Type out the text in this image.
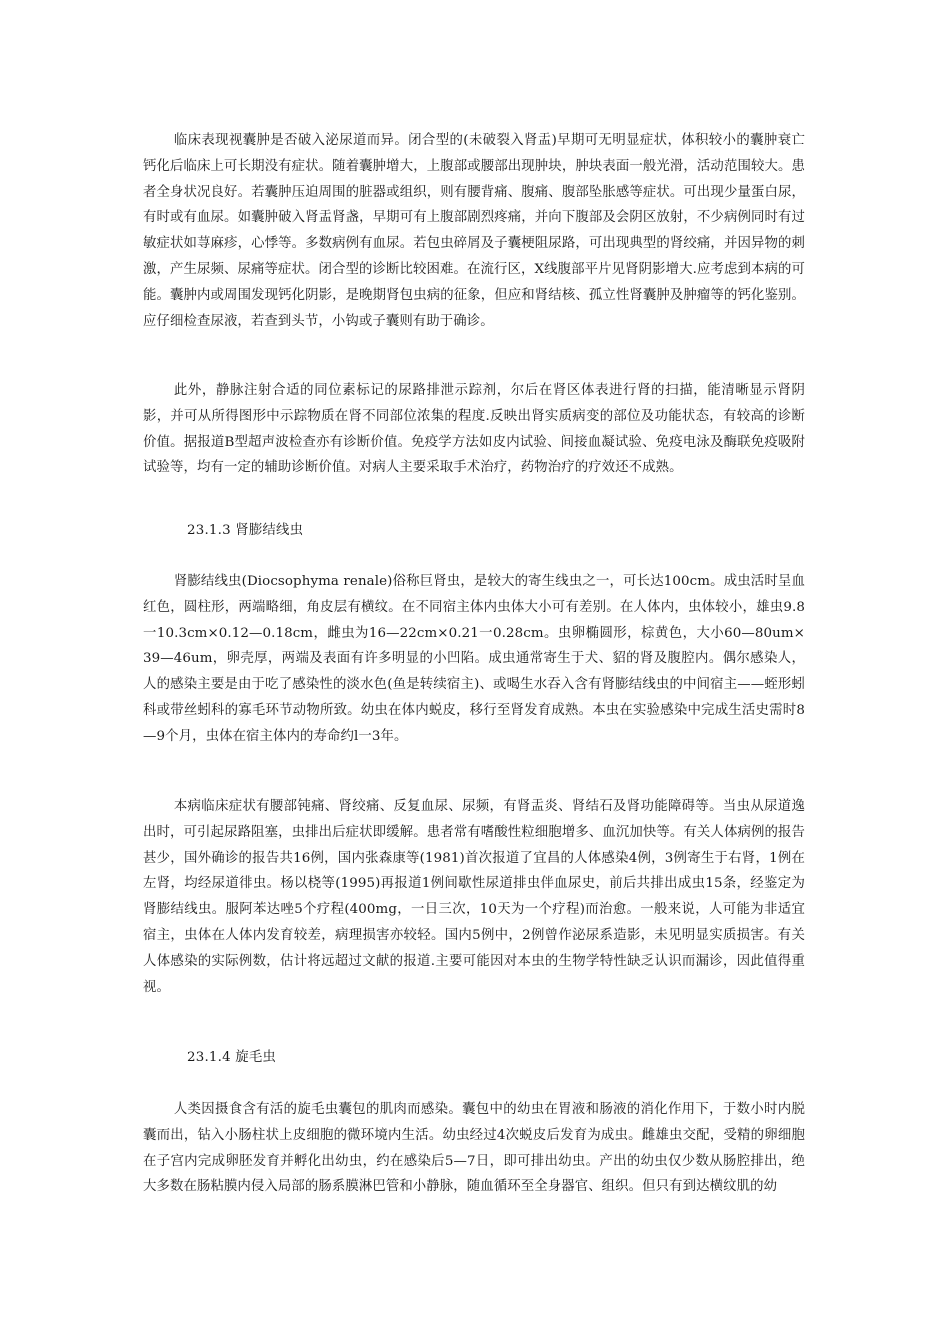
临床表现视囊肿是否破入泌尿道而异。闭合型的(未破裂入肾盂)早期可无明显症状，体积较小的囊肿衰亡钙化后临床上可长期没有症状。随着囊肿增大，上腹部或腰部出现肿块，肿块表面一般光滑，活动范围较大。患者全身状况良好。若囊肿压迫周围的脏器或组织，则有腰背痛、腹痛、腹部坠胀感等症状。可出现少量蛋白尿，有时或有血尿。如囊肿破入肾盂肾盏，早期可有上腹部剧烈疼痛，并向下腹部及会阴区放射，不少病例同时有过敏症状如荨麻疹，心悸等。多数病例有血尿。若包虫碎屑及子囊梗阻尿路，可出现典型的肾绞痛，并因异物的刺激，产生尿频、尿痛等症状。闭合型的诊断比较困难。在流行区，X线腹部平片见肾阴影增大.应考虑到本病的可能。囊肿内或周围发现钙化阴影，是晚期肾包虫病的征象，但应和肾结核、孤立性肾囊肿及肿瘤等的钙化鉴别。应仔细检查尿液，若查到头节，小钩或子囊则有助于确诊。

此外，静脉注射合适的同位素标记的尿路排泄示踪剂，尔后在肾区体表进行肾的扫描，能清晰显示肾阴影，并可从所得图形中示踪物质在肾不同部位浓集的程度.反映出肾实质病变的部位及功能状态，有较高的诊断价值。据报道B型超声波检查亦有诊断价值。免疫学方法如皮内试验、间接血凝试验、免疫电泳及酶联免疫吸附试验等，均有一定的辅助诊断价值。对病人主要采取手术治疗，药物治疗的疗效还不成熟。

23.1.3 肾膨结线虫

肾膨结线虫(Diocsophyma renale)俗称巨肾虫，是较大的寄生线虫之一，可长达100cm。成虫活时呈血红色，圆柱形，两端略细，角皮层有横纹。在不同宿主体内虫体大小可有差别。在人体内，虫体较小，雄虫9.8一10.3cm×0.12—0.18cm，雌虫为16—22cm×0.21一0.28cm。虫卵椭圆形，棕黄色，大小60—80um× 39—46um，卵壳厚，两端及表面有许多明显的小凹陷。成虫通常寄生于犬、貂的肾及腹腔内。偶尔感染人，人的感染主要是由于吃了感染性的淡水色(鱼是转续宿主)、或喝生水吞入含有肾膨结线虫的中间宿主——蛭形蚓科或带丝蚓科的寡毛环节动物所致。幼虫在体内蜕皮，移行至肾发育成熟。本虫在实验感染中完成生活史需时8—9个月，虫体在宿主体内的寿命约l一3年。

本病临床症状有腰部钝痛、肾绞痛、反复血尿、尿频，有肾盂炎、肾结石及肾功能障碍等。当虫从尿道逸出时，可引起尿路阻塞，虫排出后症状即缓解。患者常有嗜酸性粒细胞增多、血沉加快等。有关人体病例的报告甚少，国外确诊的报告共16例，国内张森康等(1981)首次报道了宜昌的人体感染4例，3例寄生于右肾，1例在左肾，均经尿道徘虫。杨以桡等(1995)再报道1例间歇性尿道排虫伴血尿史，前后共排出成虫15条，经鉴定为肾膨结线虫。服阿苯达唑5个疗程(400mg，一日三次，10天为一个疗程)而治愈。一般来说，人可能为非适宜宿主，虫体在人体内发育较差，病理损害亦较轻。国内5例中，2例曾作泌尿系造影，未见明显实质损害。有关人体感染的实际例数，估计将远超过文献的报道.主要可能因对本虫的生物学特性缺乏认识而漏诊，因此值得重视。

23.1.4 旋毛虫

人类因摄食含有活的旋毛虫囊包的肌肉而感染。囊包中的幼虫在胃液和肠液的消化作用下，于数小时内脱囊而出，钻入小肠柱状上皮细胞的微环境内生活。幼虫经过4次蜕皮后发育为成虫。雌雄虫交配，受精的卵细胞在子宫内完成卵胚发育并孵化出幼虫，约在感染后5—7日，即可排出幼虫。产出的幼虫仅少数从肠腔排出，绝大多数在肠粘膜内侵入局部的肠系膜淋巴管和小静脉，随血循环至全身器官、组织。但只有到达横纹肌的幼
